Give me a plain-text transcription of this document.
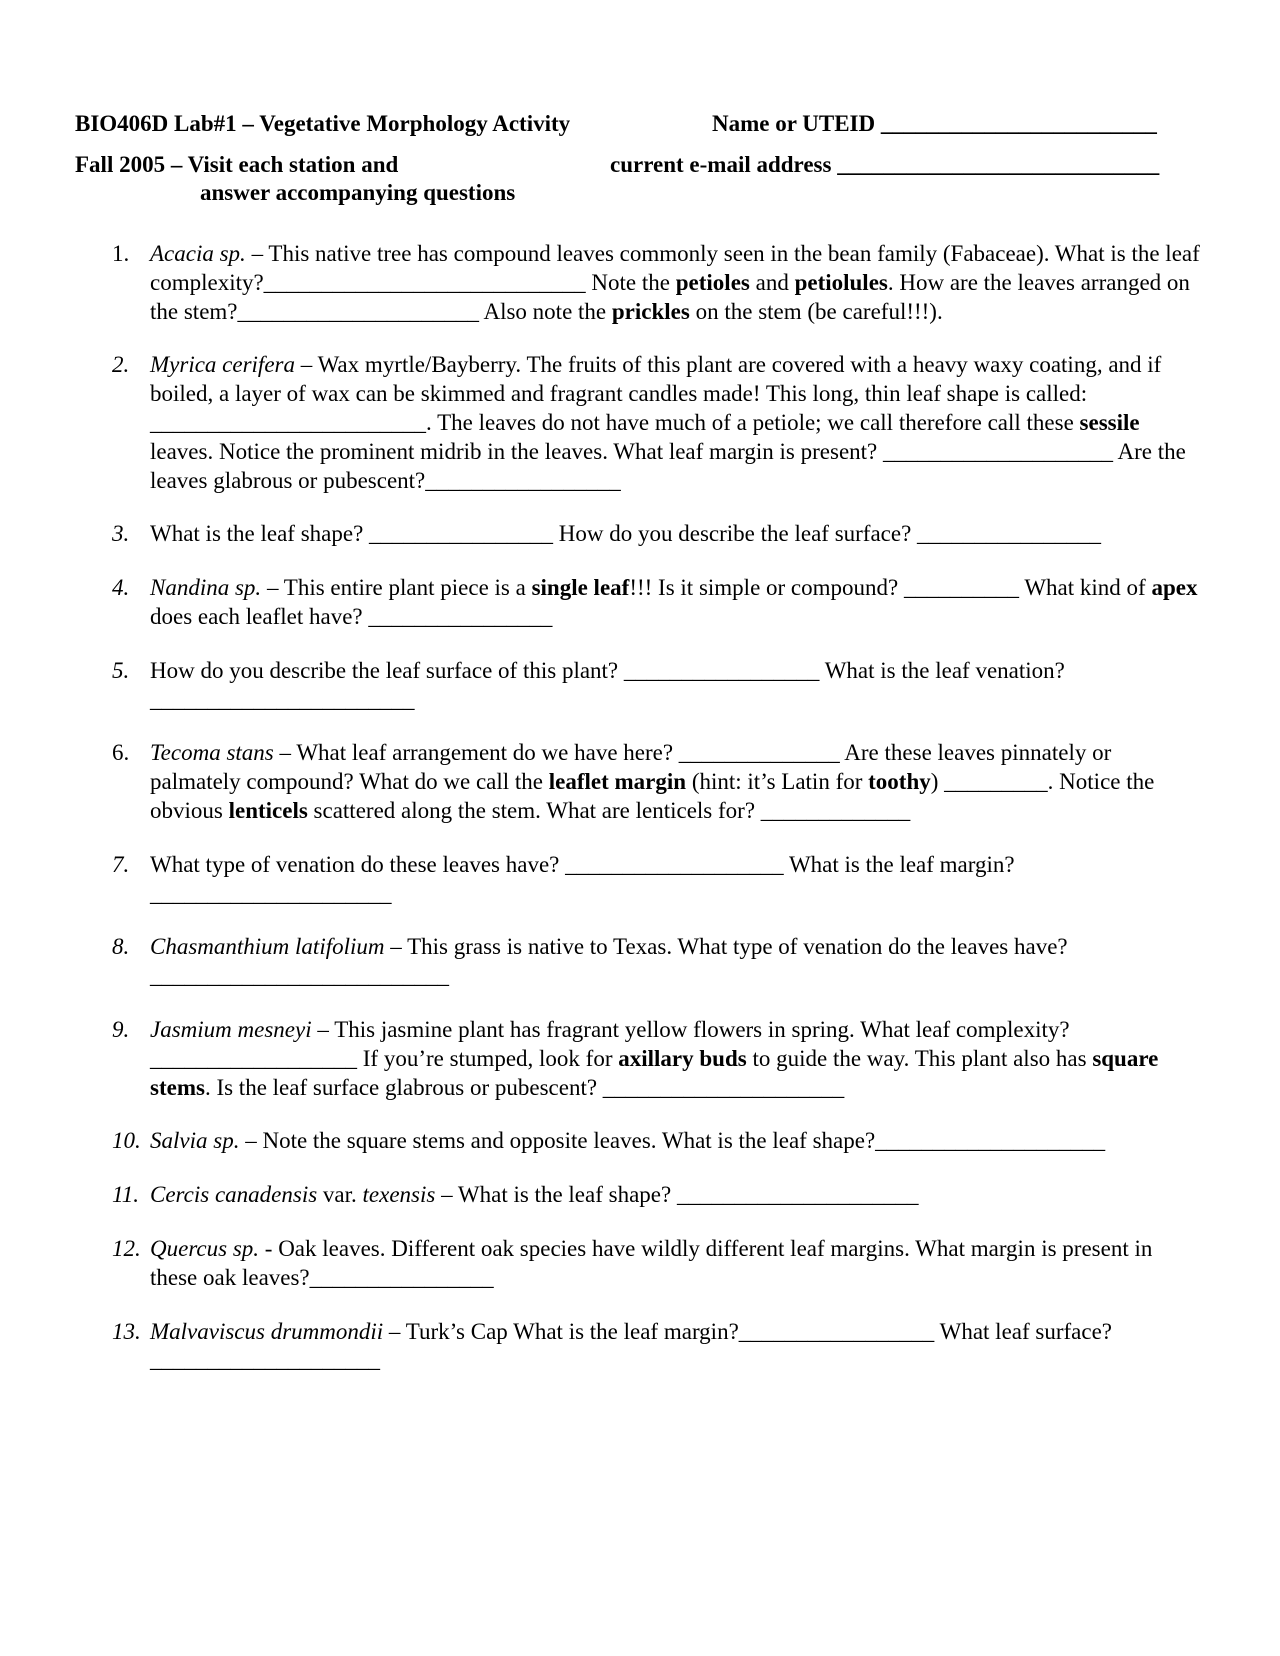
BIO406D Lab#1 – Vegetative Morphology Activity	Name or UTEID ________________________
Fall 2005 – Visit each station and	current e-mail address ____________________________
answer accompanying questions
1. Acacia sp. – This native tree has compound leaves commonly seen in the bean family (Fabaceae). What is the leaf complexity?____________________________ Note the petioles and petiolules. How are the leaves arranged on the stem?_____________________ Also note the prickles on the stem (be careful!!!).
2. Myrica cerifera – Wax myrtle/Bayberry. The fruits of this plant are covered with a heavy waxy coating, and if boiled, a layer of wax can be skimmed and fragrant candles made! This long, thin leaf shape is called: ________________________. The leaves do not have much of a petiole; we call therefore call these sessile leaves. Notice the prominent midrib in the leaves. What leaf margin is present? ____________________ Are the leaves glabrous or pubescent?_________________
3. What is the leaf shape? ________________ How do you describe the leaf surface? ________________
4. Nandina sp. – This entire plant piece is a single leaf!!! Is it simple or compound? __________ What kind of apex does each leaflet have? ________________
5. How do you describe the leaf surface of this plant? _________________ What is the leaf venation? _______________________
6. Tecoma stans – What leaf arrangement do we have here? ______________ Are these leaves pinnately or palmately compound? What do we call the leaflet margin (hint: it’s Latin for toothy) _________. Notice the obvious lenticels scattered along the stem. What are lenticels for? _____________
7. What type of venation do these leaves have? ___________________ What is the leaf margin? _____________________
8. Chasmanthium latifolium – This grass is native to Texas. What type of venation do the leaves have? __________________________
9. Jasmium mesneyi – This jasmine plant has fragrant yellow flowers in spring. What leaf complexity? __________________ If you’re stumped, look for axillary buds to guide the way. This plant also has square stems. Is the leaf surface glabrous or pubescent? _____________________
10. Salvia sp. – Note the square stems and opposite leaves. What is the leaf shape?____________________
11. Cercis canadensis var. texensis – What is the leaf shape? _____________________
12. Quercus sp. - Oak leaves. Different oak species have wildly different leaf margins. What margin is present in these oak leaves?________________
13. Malvaviscus drummondii – Turk’s Cap What is the leaf margin?_________________ What leaf surface? ____________________
